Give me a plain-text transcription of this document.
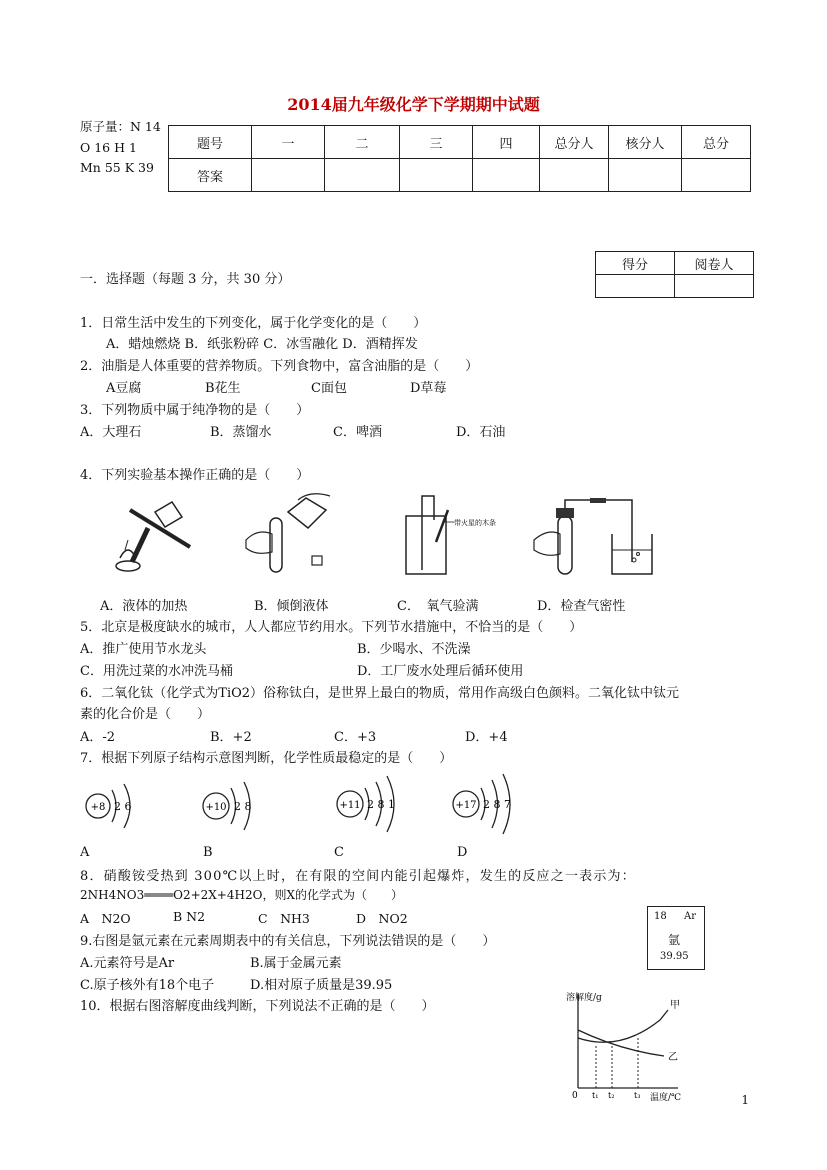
2014届九年级化学下学期期中试题
原子量：N 14　O 16 H 1　Mn 55 K 39
题号	一	二	三	四	总分人	核分人	总分
答案							
得分	阅卷人

一．选择题（每题 3 分，共 30 分）
1．日常生活中发生的下列变化，属于化学变化的是（　　）
A．蜡烛燃烧 B．纸张粉碎 C．冰雪融化 D．酒精挥发
2．油脂是人体重要的营养物质。下列食物中，富含油脂的是（　　）
A豆腐	B花生	C面包	D草莓
3．下列物质中属于纯净物的是（　　）
A．大理石	B．蒸馏水	C．啤酒	D．石油
4．下列实验基本操作正确的是（　　）
带火星的木条
A．液体的加热	B．倾倒液体	C．　氧气验满	D．检查气密性
5．北京是极度缺水的城市，人人都应节约用水。下列节水措施中，不恰当的是（　　）
A．推广使用节水龙头	B．少喝水、不洗澡
C．用洗过菜的水冲洗马桶	D．工厂废水处理后循环使用
6．二氧化钛（化学式为TiO2）俗称钛白，是世界上最白的物质，常用作高级白色颜料。二氧化钛中钛元
素的化合价是（　　）
A．-2	B．+2	C．+3	D．+4
7．根据下列原子结构示意图判断，化学性质最稳定的是（　　）
+8 2 6	+10 2 8	+11 2 8 1	+17 2 8 7
A	B	C	D
8．硝酸铵受热到 300℃以上时，在有限的空间内能引起爆炸，发生的反应之一表示为：
2NH4NO3════O2+2X+4H2O，则X的化学式为（　　）
A　N2O	B N2	C　NH3	D　NO2	18 Ar
氩
39.95
9.右图是氩元素在元素周期表中的有关信息，下列说法错误的是（　　）
A.元素符号是Ar	B.属于金属元素
C.原子核外有18个电子	D.相对原子质量是39.95
10．根据右图溶解度曲线判断，下列说法不正确的是（　　）
溶解度/g
0 t₁ t₂ t₃ 温度/℃
甲
乙
1
